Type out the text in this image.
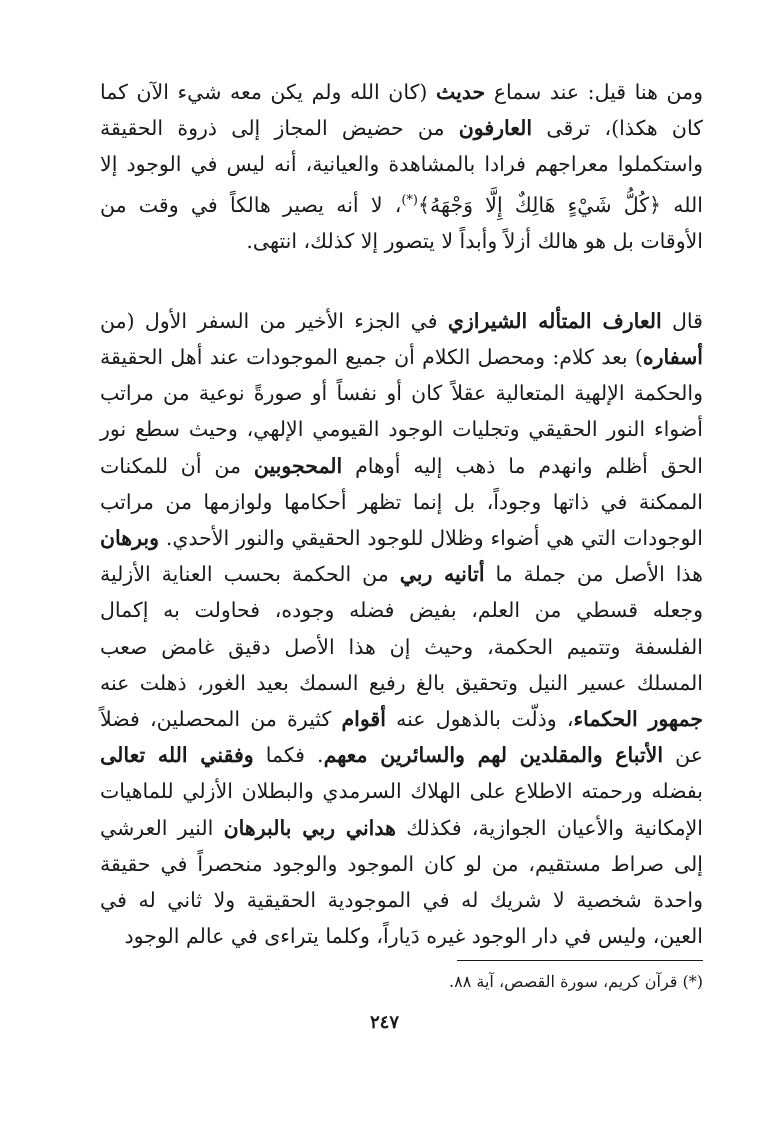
ومن هنا قيل: عند سماع حديث (كان الله ولم يكن معه شيء الآن كما كان هكذا)، ترقى العارفون من حضيض المجاز إلى ذروة الحقيقة واستكملوا معراجهم فرادا بالمشاهدة والعيانية، أنه ليس في الوجود إلا الله ﴿كُلُّ شَيْءٍ هَالِكٌ إِلَّا وَجْهَهُ﴾(*)، لا أنه يصير هالكاً في وقت من الأوقات بل هو هالك أزلاً وأبداً لا يتصور إلا كذلك، انتهى.

قال العارف المتأله الشيرازي في الجزء الأخير من السفر الأول (من أسفاره) بعد كلام: ومحصل الكلام أن جميع الموجودات عند أهل الحقيقة والحكمة الإلهية المتعالية عقلاً كان أو نفساً أو صورةً نوعية من مراتب أضواء النور الحقيقي وتجليات الوجود القيومي الإلهي، وحيث سطع نور الحق أظلم وانهدم ما ذهب إليه أوهام المحجوبين من أن للمكنات الممكنة في ذاتها وجوداً، بل إنما تظهر أحكامها ولوازمها من مراتب الوجودات التي هي أضواء وظلال للوجود الحقيقي والنور الأحدي. وبرهان هذا الأصل من جملة ما أتانيه ربي من الحكمة بحسب العناية الأزلية وجعله قسطي من العلم، بفيض فضله وجوده، فحاولت به إكمال الفلسفة وتتميم الحكمة، وحيث إن هذا الأصل دقيق غامض صعب المسلك عسير النيل وتحقيق بالغ رفيع السمك بعيد الغور، ذهلت عنه جمهور الحكماء، وذلّت بالذهول عنه أقوام كثيرة من المحصلين، فضلاً عن الأتباع والمقلدين لهم والسائرين معهم. فكما وفقني الله تعالى بفضله ورحمته الاطلاع على الهلاك السرمدي والبطلان الأزلي للماهيات الإمكانية والأعيان الجوازية، فكذلك هداني ربي بالبرهان النير العرشي إلى صراط مستقيم، من لو كان الموجود والوجود منحصراً في حقيقة واحدة شخصية لا شريك له في الموجودية الحقيقية ولا ثاني له في العين، وليس في دار الوجود غيره دَياراً، وكلما يتراءى في عالم الوجود

(*) قرآن كريم، سورة القصص، آية ٨٨.

٢٤٧
